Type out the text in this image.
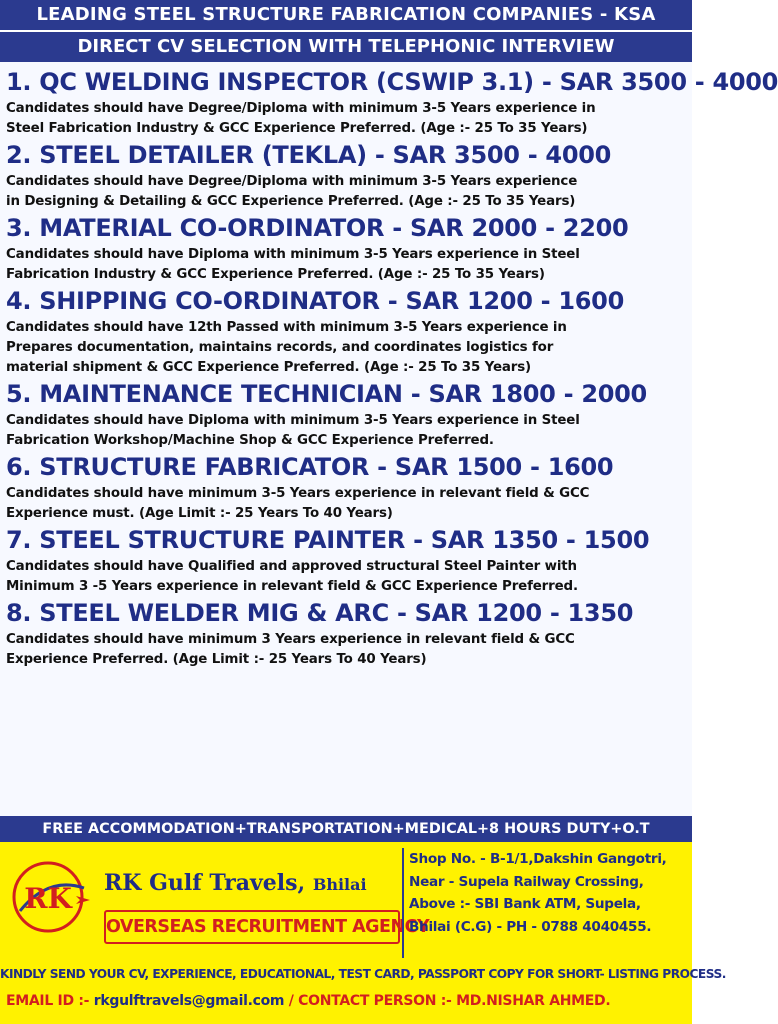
LEADING STEEL STRUCTURE FABRICATION COMPANIES - KSA
DIRECT CV SELECTION WITH TELEPHONIC INTERVIEW
1. QC WELDING INSPECTOR (CSWIP 3.1) - SAR 3500 - 4000
Candidates should have Degree/Diploma with minimum 3-5 Years experience in
Steel Fabrication Industry & GCC Experience Preferred. (Age :- 25 To 35 Years)
2. STEEL DETAILER (TEKLA) - SAR 3500 - 4000
Candidates should have Degree/Diploma with minimum 3-5 Years experience
in Designing & Detailing & GCC Experience Preferred. (Age :- 25 To 35 Years)
3. MATERIAL CO-ORDINATOR - SAR 2000 - 2200
Candidates should have Diploma with minimum 3-5 Years experience in Steel
Fabrication Industry & GCC Experience Preferred. (Age :- 25 To 35 Years)
4. SHIPPING CO-ORDINATOR - SAR 1200 - 1600
Candidates should have 12th Passed with minimum 3-5 Years experience in
Prepares documentation, maintains records, and coordinates logistics for
material shipment & GCC Experience Preferred. (Age :- 25 To 35 Years)
5. MAINTENANCE TECHNICIAN - SAR 1800 - 2000
Candidates should have Diploma with minimum 3-5 Years experience in Steel
Fabrication Workshop/Machine Shop & GCC Experience Preferred.
6. STRUCTURE FABRICATOR - SAR 1500 - 1600
Candidates should have minimum 3-5 Years experience in relevant field & GCC
Experience must. (Age Limit :- 25 Years To 40 Years)
7. STEEL STRUCTURE PAINTER - SAR 1350 - 1500
Candidates should have Qualified and approved structural Steel Painter with
Minimum 3 -5 Years experience in relevant field & GCC Experience Preferred.
8. STEEL WELDER MIG & ARC - SAR 1200 - 1350
Candidates should have minimum 3 Years experience in relevant field & GCC
Experience Preferred. (Age Limit :- 25 Years To 40 Years)
FREE ACCOMMODATION+TRANSPORTATION+MEDICAL+8 HOURS DUTY+O.T
RK RK Gulf Travels, Bhilai
OVERSEAS RECRUITMENT AGENCY
Shop No. - B-1/1,Dakshin Gangotri,
Near - Supela Railway Crossing,
Above :- SBI Bank ATM, Supela,
Bhilai (C.G) - PH - 0788 4040455.
KINDLY SEND YOUR CV, EXPERIENCE, EDUCATIONAL, TEST CARD, PASSPORT COPY FOR SHORT- LISTING PROCESS.
EMAIL ID :- rkgulftravels@gmail.com / CONTACT PERSON :- MD.NISHAR AHMED.
